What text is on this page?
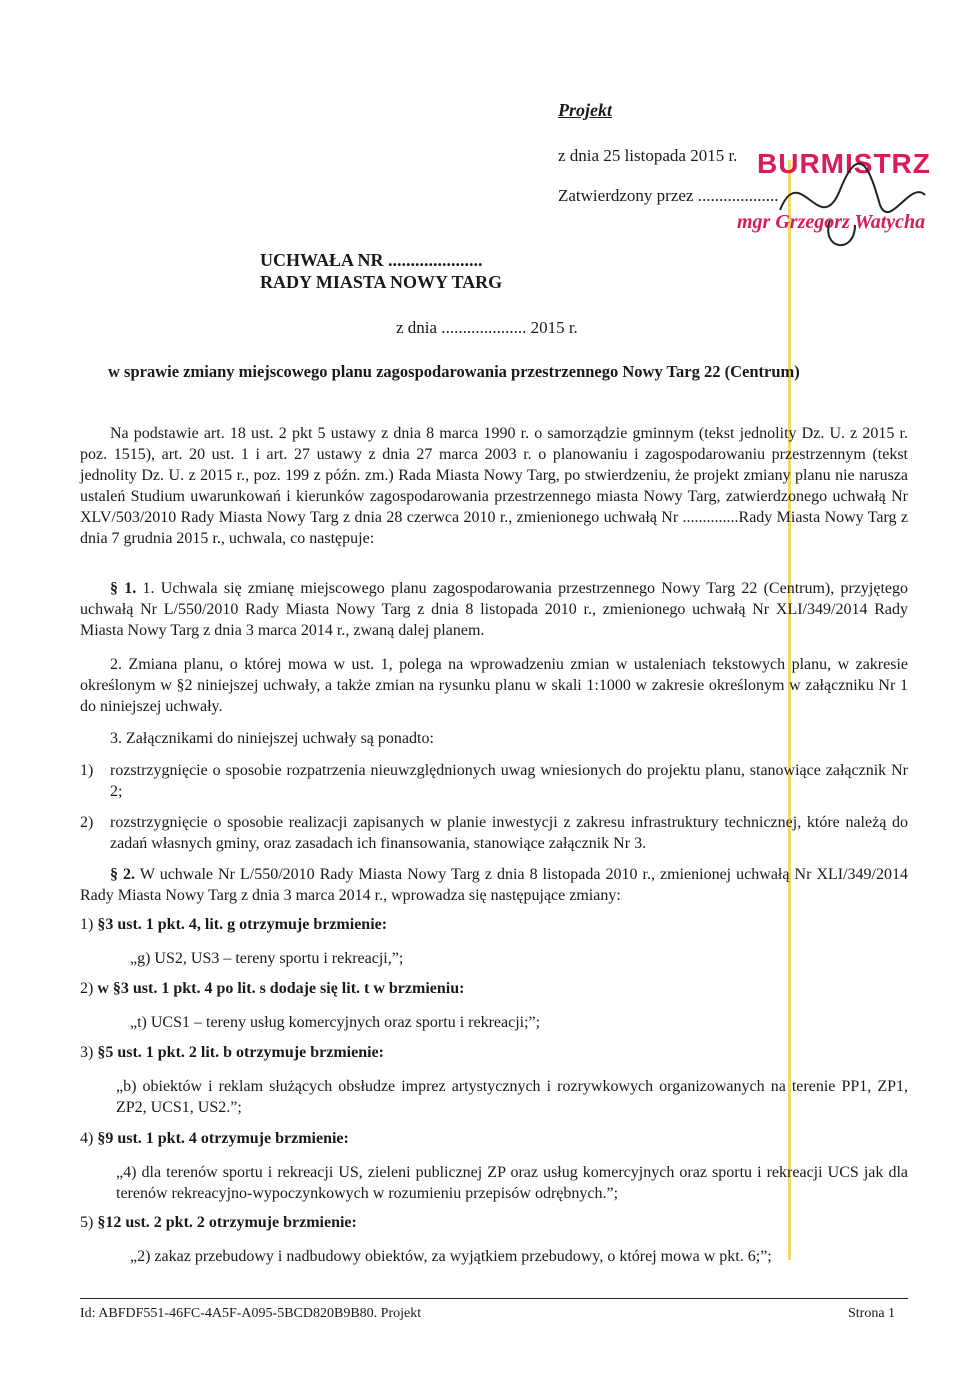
Projekt
z dnia 25 listopada 2015 r.
Zatwierdzony przez ...................
BURMISTRZ
mgr Grzegorz Watycha
UCHWAŁA NR .....................
RADY MIASTA NOWY TARG
z dnia .................... 2015 r.
w sprawie zmiany miejscowego planu zagospodarowania przestrzennego Nowy Targ 22 (Centrum)
Na podstawie art. 18 ust. 2 pkt 5 ustawy z dnia 8 marca 1990 r. o samorządzie gminnym (tekst jednolity Dz. U. z 2015 r. poz. 1515), art. 20 ust. 1 i art. 27 ustawy z dnia 27 marca 2003 r. o planowaniu i zagospodarowaniu przestrzennym (tekst jednolity Dz. U. z 2015 r., poz. 199 z późn. zm.) Rada Miasta Nowy Targ, po stwierdzeniu, że projekt zmiany planu nie narusza ustaleń Studium uwarunkowań i kierunków zagospodarowania przestrzennego miasta Nowy Targ, zatwierdzonego uchwałą Nr XLV/503/2010 Rady Miasta Nowy Targ z dnia 28 czerwca 2010 r., zmienionego uchwałą Nr ..............Rady Miasta Nowy Targ z dnia 7 grudnia 2015 r., uchwala, co następuje:
§ 1. 1. Uchwala się zmianę miejscowego planu zagospodarowania przestrzennego Nowy Targ 22 (Centrum), przyjętego uchwałą Nr L/550/2010 Rady Miasta Nowy Targ z dnia 8 listopada 2010 r., zmienionego uchwałą Nr XLI/349/2014 Rady Miasta Nowy Targ z dnia 3 marca 2014 r., zwaną dalej planem.
2. Zmiana planu, o której mowa w ust. 1, polega na wprowadzeniu zmian w ustaleniach tekstowych planu, w zakresie określonym w §2 niniejszej uchwały, a także zmian na rysunku planu w skali 1:1000 w zakresie określonym w załączniku Nr 1 do niniejszej uchwały.
3. Załącznikami do niniejszej uchwały są ponadto:
1) rozstrzygnięcie o sposobie rozpatrzenia nieuwzględnionych uwag wniesionych do projektu planu, stanowiące załącznik Nr 2;
2) rozstrzygnięcie o sposobie realizacji zapisanych w planie inwestycji z zakresu infrastruktury technicznej, które należą do zadań własnych gminy, oraz zasadach ich finansowania, stanowiące załącznik Nr 3.
§ 2. W uchwale Nr L/550/2010 Rady Miasta Nowy Targ z dnia 8 listopada 2010 r., zmienionej uchwałą Nr XLI/349/2014 Rady Miasta Nowy Targ z dnia 3 marca 2014 r., wprowadza się następujące zmiany:
1) §3 ust. 1 pkt. 4, lit. g otrzymuje brzmienie:
„g) US2, US3 – tereny sportu i rekreacji,”;
2) w §3 ust. 1 pkt. 4 po lit. s dodaje się lit. t w brzmieniu:
„t) UCS1 – tereny usług komercyjnych oraz sportu i rekreacji;”;
3) §5 ust. 1 pkt. 2 lit. b otrzymuje brzmienie:
„b) obiektów i reklam służących obsłudze imprez artystycznych i rozrywkowych organizowanych na terenie PP1, ZP1, ZP2, UCS1, US2.”;
4) §9 ust. 1 pkt. 4 otrzymuje brzmienie:
„4) dla terenów sportu i rekreacji US, zieleni publicznej ZP oraz usług komercyjnych oraz sportu i rekreacji UCS jak dla terenów rekreacyjno-wypoczynkowych w rozumieniu przepisów odrębnych.”;
5) §12 ust. 2 pkt. 2 otrzymuje brzmienie:
„2) zakaz przebudowy i nadbudowy obiektów, za wyjątkiem przebudowy, o której mowa w pkt. 6;”;
Id: ABFDF551-46FC-4A5F-A095-5BCD820B9B80. Projekt	Strona 1
